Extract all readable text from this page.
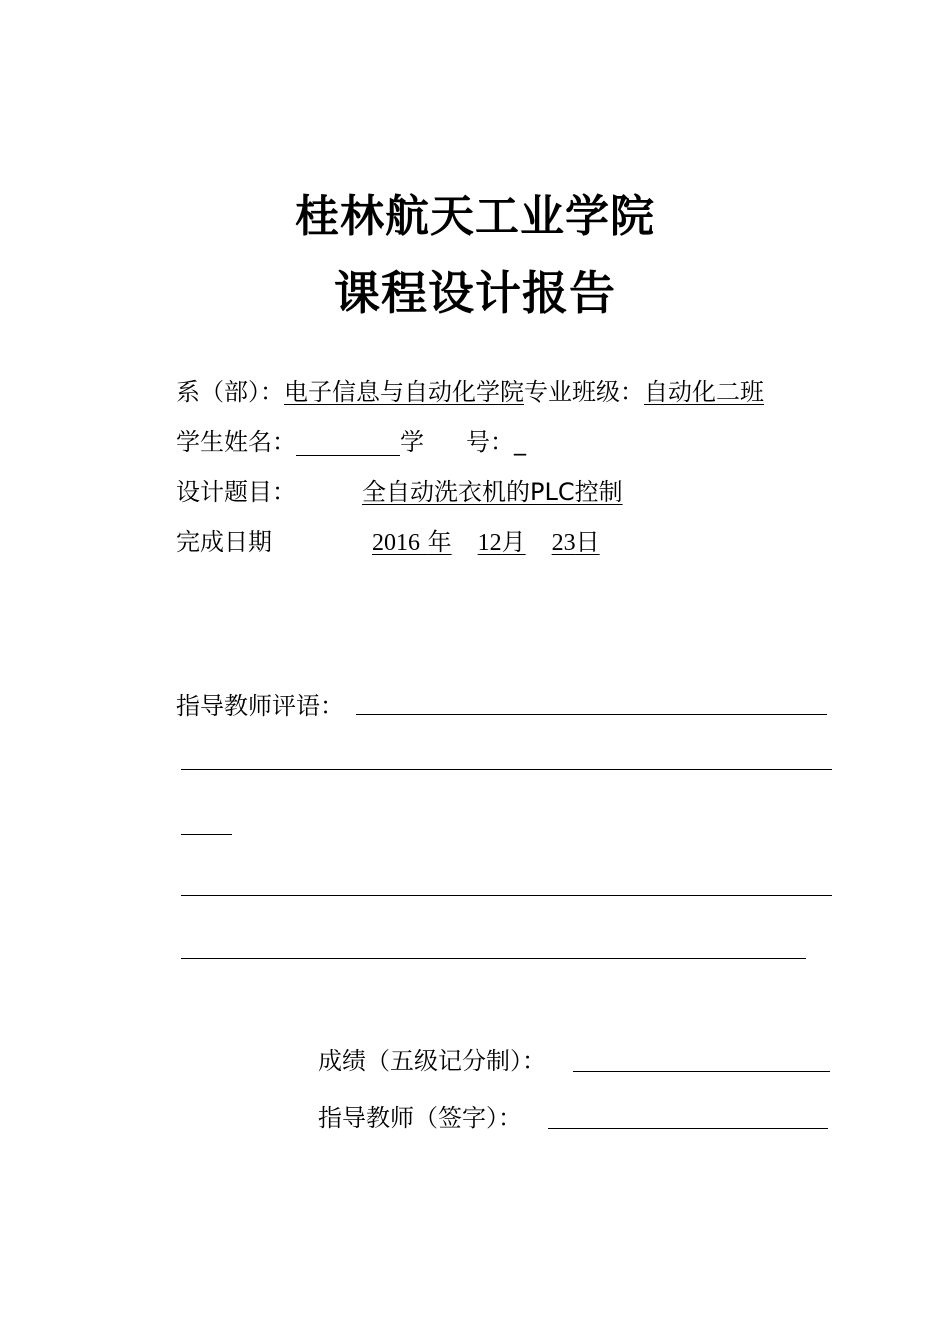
桂林航天工业学院
课程设计报告
系（部）：电子信息与自动化学院专业班级：自动化二班
学生姓名：	学 号：_
设计题目：	全自动洗衣机的PLC控制
完成日期	2016 年 12月 23日
指导教师评语：
成绩（五级记分制）：
指导教师（签字）：
